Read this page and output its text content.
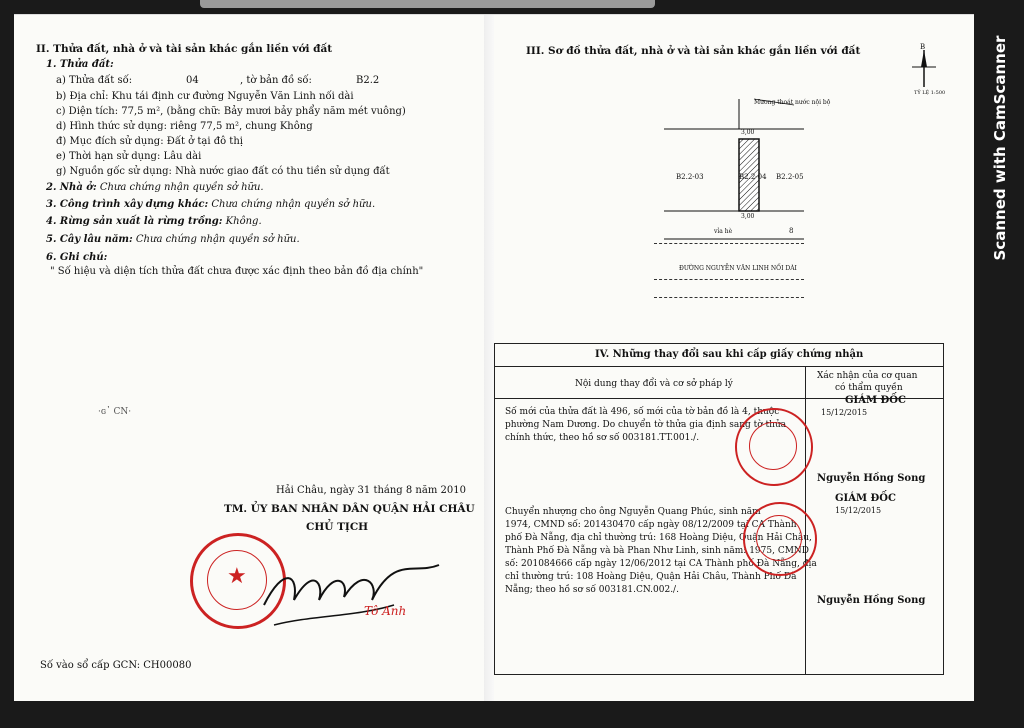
II. Thửa đất, nhà ở và tài sản khác gắn liền với đất
1. Thửa đất:
a) Thửa đất số:	04	, tờ bản đồ số:	B2.2
b) Địa chỉ: Khu tái định cư đường Nguyễn Văn Linh nối dài
c) Diện tích: 77,5 m², (bằng chữ: Bảy mươi bảy phẩy năm mét vuông)
d) Hình thức sử dụng: riêng 77,5 m², chung Không
đ) Mục đích sử dụng: Đất ở tại đô thị
e) Thời hạn sử dụng: Lâu dài
g) Nguồn gốc sử dụng: Nhà nước giao đất có thu tiền sử dụng đất
2. Nhà ở: Chưa chứng nhận quyền sở hữu.
3. Công trình xây dựng khác: Chưa chứng nhận quyền sở hữu.
4. Rừng sản xuất là rừng trồng: Không.
5. Cây lâu năm: Chưa chứng nhận quyền sở hữu.
6. Ghi chú:
" Số hiệu và diện tích thửa đất chưa được xác định theo bản đồ địa chính"
·ɢ᾽ CN·
Hải Châu, ngày 31 tháng 8 năm 2010
TM. ỦY BAN NHÂN DÂN QUẬN HẢI CHÂU
CHỦ TỊCH
★
Tô Anh
Số vào sổ cấp GCN: CH00080
III. Sơ đồ thửa đất, nhà ở và tài sản khác gắn liền với đất	B
TỶ LỆ 1:500
Mương thoát nước nội bộ
3,00
B2.2-03	B2.2-04 B2.2-05
3,00
8
vỉa hè
ĐƯỜNG NGUYỄN VĂN LINH NỐI DÀI
Scanned with CamScanner
IV. Những thay đổi sau khi cấp giấy chứng nhận
Nội dung thay đổi và cơ sở pháp lý
Xác nhận của cơ quan
có thẩm quyền
Số mới của thửa đất là 496, số mới của tờ bản đồ là 4, thuộc
phường Nam Dương. Do chuyển tờ thửa gia định sang tờ thửa
chính thức, theo hồ sơ số 003181.TT.001./.
GIÁM ĐỐC
15/12/2015
Nguyễn Hồng Song
Chuyển nhượng cho ông Nguyễn Quang Phúc, sinh năm
1974, CMND số: 201430470 cấp ngày 08/12/2009 tại CA Thành
phố Đà Nẵng, địa chỉ thường trú: 168 Hoàng Diệu, Quận Hải Châu,
Thành Phố Đà Nẵng và bà Phan Như Linh, sinh năm: 1975, CMND
số: 201084666 cấp ngày 12/06/2012 tại CA Thành phố Đà Nẵng, địa
chỉ thường trú: 108 Hoàng Diệu, Quận Hải Châu, Thành Phố Đà
Nẵng; theo hồ sơ số 003181.CN.002./.
GIÁM ĐỐC
15/12/2015
Nguyễn Hồng Song
